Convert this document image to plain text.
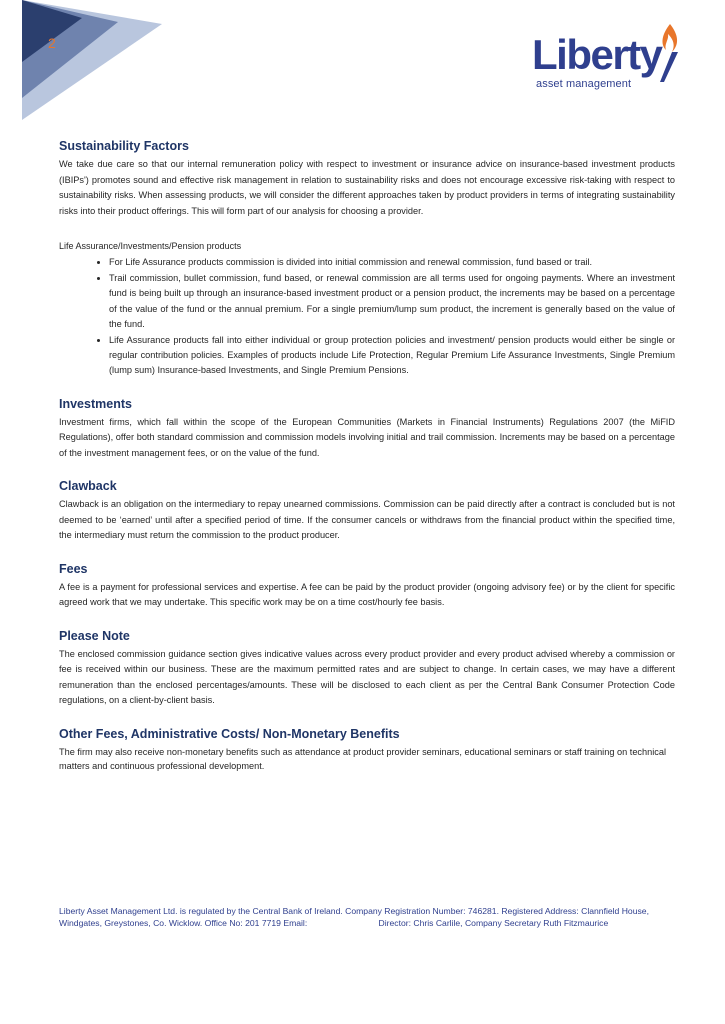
2	Liberty
asset management
Sustainability Factors

We take due care so that our internal remuneration policy with respect to investment or insurance advice on insurance-based investment products (IBIPs') promotes sound and effective risk management in relation to sustainability risks and does not encourage excessive risk-taking with respect to sustainability risks. When assessing products, we will consider the different approaches taken by product providers in terms of integrating sustainability risks into their product offerings. This will form part of our analysis for choosing a provider.

Life Assurance/Investments/Pension products
• For Life Assurance products commission is divided into initial commission and renewal commission, fund based or trail.
• Trail commission, bullet commission, fund based, or renewal commission are all terms used for ongoing payments. Where an investment fund is being built up through an insurance-based investment product or a pension product, the increments may be based on a percentage of the value of the fund or the annual premium. For a single premium/lump sum product, the increment is generally based on the value of the fund.
• Life Assurance products fall into either individual or group protection policies and investment/ pension products would either be single or regular contribution policies. Examples of products include Life Protection, Regular Premium Life Assurance Investments, Single Premium (lump sum) Insurance-based Investments, and Single Premium Pensions.
Investments

Investment firms, which fall within the scope of the European Communities (Markets in Financial Instruments) Regulations 2007 (the MiFID Regulations), offer both standard commission and commission models involving initial and trail commission. Increments may be based on a percentage of the investment management fees, or on the value of the fund.

Clawback

Clawback is an obligation on the intermediary to repay unearned commissions. Commission can be paid directly after a contract is concluded but is not deemed to be ‘earned’ until after a specified period of time. If the consumer cancels or withdraws from the financial product within the specified time, the intermediary must return the commission to the product producer.

Fees

A fee is a payment for professional services and expertise. A fee can be paid by the product provider (ongoing advisory fee) or by the client for specific agreed work that we may undertake. This specific work may be on a time cost/hourly fee basis.

Please Note

The enclosed commission guidance section gives indicative values across every product provider and every product advised whereby a commission or fee is received within our business. These are the maximum permitted rates and are subject to change. In certain cases, we may have a different remuneration than the enclosed percentages/amounts. These will be disclosed to each client as per the Central Bank Consumer Protection Code regulations, on a client-by-client basis.

Other Fees, Administrative Costs/ Non-Monetary Benefits

The firm may also receive non-monetary benefits such as attendance at product provider seminars, educational seminars or staff training on technical matters and continuous professional development.

Liberty Asset Management Ltd. is regulated by the Central Bank of Ireland. Company Registration Number: 746281. Registered Address: Clannfield House, Windgates, Greystones, Co. Wicklow. Office No: 201 7719 Email: info@libertyam.ie Director: Chris Carlile, Company Secretary Ruth Fitzmaurice
